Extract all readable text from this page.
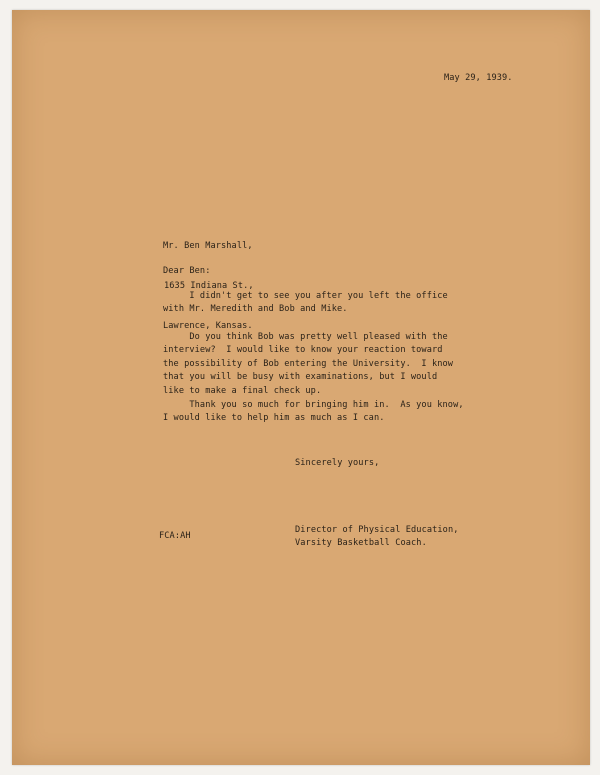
May 29, 1939.

Mr. Ben Marshall,

1635 Indiana St.,

Lawrence, Kansas.

Dear Ben:
I didn't get to see you after you left the office
with Mr. Meredith and Bob and Mike.
Do you think Bob was pretty well pleased with the
interview?  I would like to know your reaction toward
the possibility of Bob entering the University.  I know
that you will be busy with examinations, but I would
like to make a final check up.
Thank you so much for bringing him in.  As you know,
I would like to help him as much as I can.
Sincerely yours,
FCA:AH
Director of Physical Education,
Varsity Basketball Coach.
